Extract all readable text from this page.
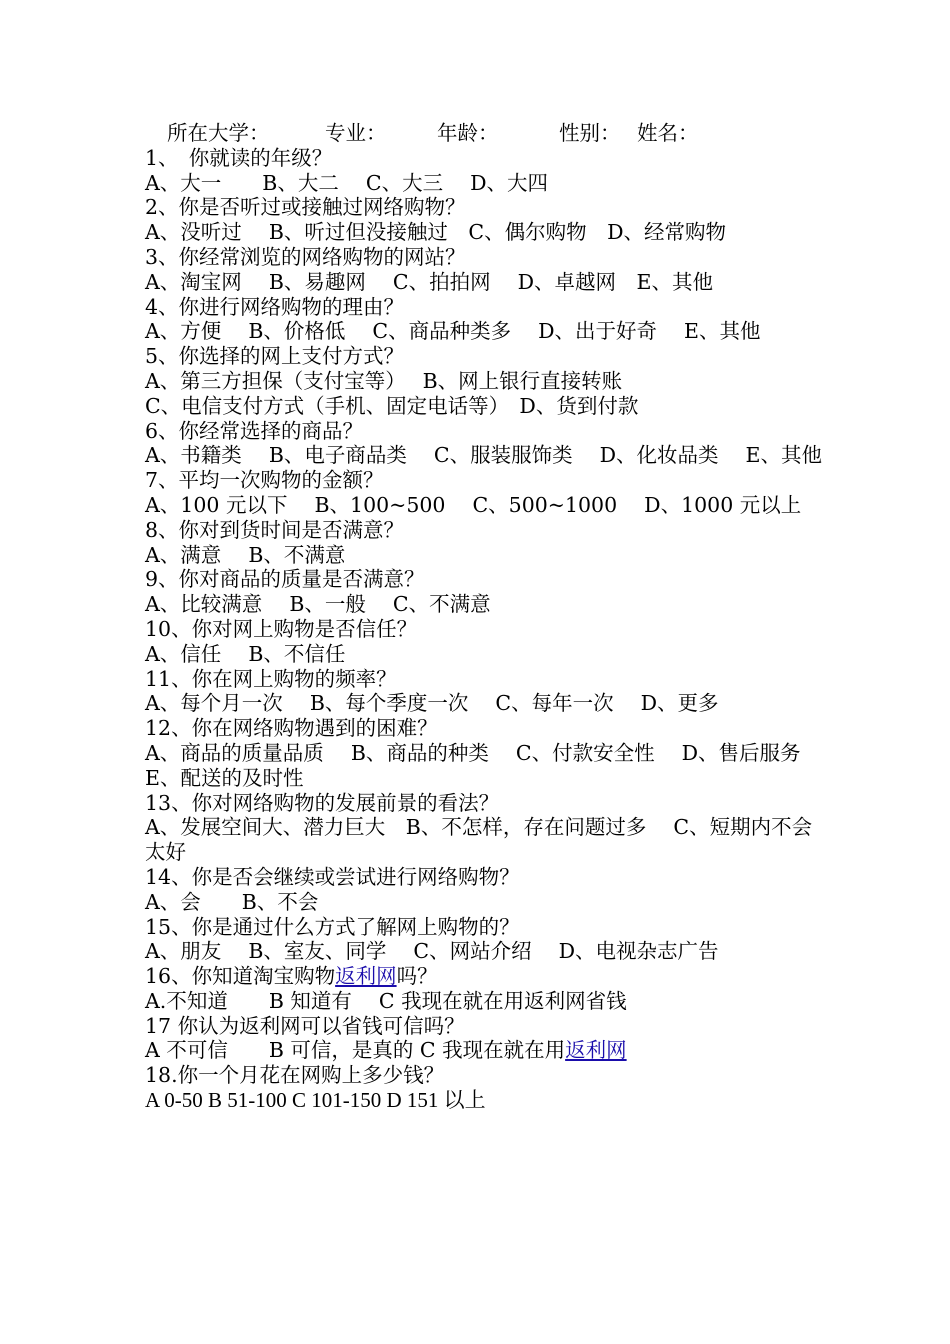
所在大学：	专业：	年龄：	性别： 姓名：
1、　你就读的年级？
A、大一　　B、大二　 C、大三　 D、大四
2、你是否听过或接触过网络购物？
A、没听过　 B、听过但没接触过　C、偶尔购物　D、经常购物
3、你经常浏览的网络购物的网站？
A、淘宝网　 B、易趣网　 C、拍拍网　 D、卓越网　E、其他
4、你进行网络购物的理由？
A、方便　 B、价格低　 C、商品种类多　 D、出于好奇　 E、其他
5、你选择的网上支付方式？
A、第三方担保（支付宝等）　 B、网上银行直接转账
C、电信支付方式（手机、固定电话等）　D、货到付款
6、你经常选择的商品？
A、书籍类　 B、电子商品类　 C、服装服饰类　 D、化妆品类　 E、其他
7、平均一次购物的金额？
A、100 元以下　 B、100~500　 C、500~1000　 D、1000 元以上
8、你对到货时间是否满意？
A、满意　 B、不满意
9、你对商品的质量是否满意？
A、比较满意　 B、一般　 C、不满意
10、你对网上购物是否信任？
A、信任　 B、不信任
11、你在网上购物的频率？
A、每个月一次　 B、每个季度一次　 C、每年一次　 D、更多
12、你在网络购物遇到的困难？
A、商品的质量品质　 B、商品的种类　 C、付款安全性　 D、售后服务
E、配送的及时性
13、你对网络购物的发展前景的看法？
A、发展空间大、潜力巨大　B、不怎样，存在问题过多　 C、短期内不会太好
14、你是否会继续或尝试进行网络购物？
A、会　　B、不会
15、你是通过什么方式了解网上购物的？
A、朋友　 B、室友、同学　 C、网站介绍　 D、电视杂志广告
16、你知道淘宝购物返利网吗？
A.不知道　　B 知道有　 C 我现在就在用返利网省钱
17 你认为返利网可以省钱可信吗？
A 不可信　　B 可信，是真的 C 我现在就在用返利网
18.你一个月花在网购上多少钱？
A 0-50 B 51-100 C 101-150 D 151 以上
